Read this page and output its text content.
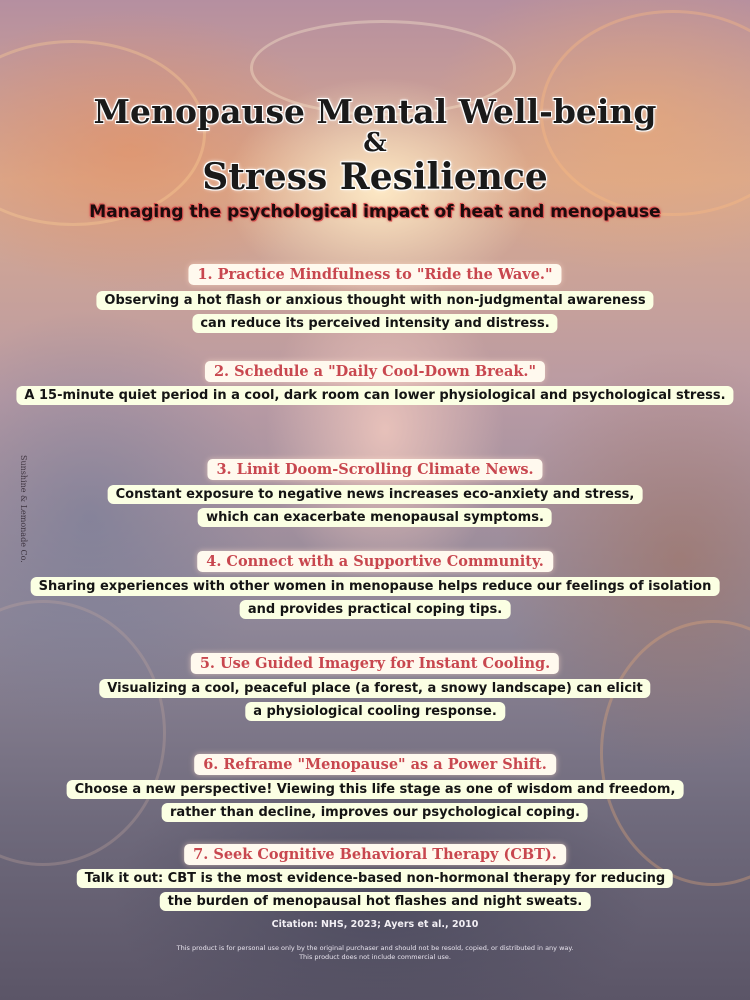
Menopause Mental Well-being
&
Stress Resilience
Managing the psychological impact of heat and menopause
1. Practice Mindfulness to "Ride the Wave."
Observing a hot flash or anxious thought with non-judgmental awareness
can reduce its perceived intensity and distress.
2. Schedule a "Daily Cool-Down Break."
A 15-minute quiet period in a cool, dark room can lower physiological and psychological stress.
3. Limit Doom-Scrolling Climate News.
Constant exposure to negative news increases eco-anxiety and stress,
which can exacerbate menopausal symptoms.
4. Connect with a Supportive Community.
Sharing experiences with other women in menopause helps reduce our feelings of isolation
and provides practical coping tips.
5. Use Guided Imagery for Instant Cooling.
Visualizing a cool, peaceful place (a forest, a snowy landscape) can elicit
a physiological cooling response.
6. Reframe "Menopause" as a Power Shift.
Choose a new perspective! Viewing this life stage as one of wisdom and freedom,
rather than decline, improves our psychological coping.
7. Seek Cognitive Behavioral Therapy (CBT).
Talk it out: CBT is the most evidence-based non-hormonal therapy for reducing
the burden of menopausal hot flashes and night sweats.
Citation: NHS, 2023; Ayers et al., 2010
This product is for personal use only by the original purchaser and should not be resold, copied, or distributed in any way. This product does not include commercial use.
Sunshine & Lemonade Co.
